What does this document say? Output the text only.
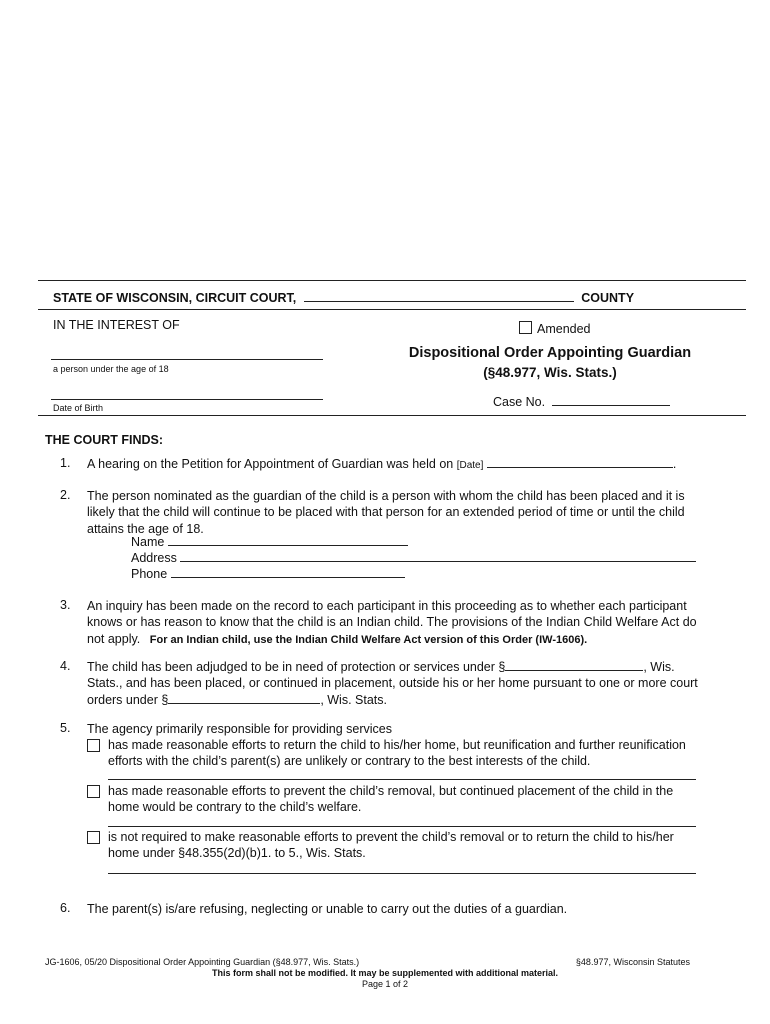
STATE OF WISCONSIN, CIRCUIT COURT,	COUNTY
IN THE INTEREST OF	Amended
a person under the age of 18
Dispositional Order Appointing Guardian
(§48.977, Wis. Stats.)
Date of Birth	Case No.
THE COURT FINDS:
1. A hearing on the Petition for Appointment of Guardian was held on [Date]	.
2. The person nominated as the guardian of the child is a person with whom the child has been placed and it is likely that the child will continue to be placed with that person for an extended period of time or until the child attains the age of 18.
Name
Address
Phone
3. An inquiry has been made on the record to each participant in this proceeding as to whether each participant knows or has reason to know that the child is an Indian child. The provisions of the Indian Child Welfare Act do not apply. For an Indian child, use the Indian Child Welfare Act version of this Order (IW-1606).
4. The child has been adjudged to be in need of protection or services under §	, Wis. Stats., and has been placed, or continued in placement, outside his or her home pursuant to one or more court orders under §	, Wis. Stats.
5. The agency primarily responsible for providing services
has made reasonable efforts to return the child to his/her home, but reunification and further reunification efforts with the child’s parent(s) are unlikely or contrary to the best interests of the child.
has made reasonable efforts to prevent the child’s removal, but continued placement of the child in the home would be contrary to the child’s welfare.
is not required to make reasonable efforts to prevent the child’s removal or to return the child to his/her home under §48.355(2d)(b)1. to 5., Wis. Stats.
6. The parent(s) is/are refusing, neglecting or unable to carry out the duties of a guardian.
JG-1606, 05/20 Dispositional Order Appointing Guardian (§48.977, Wis. Stats.)	§48.977, Wisconsin Statutes
This form shall not be modified. It may be supplemented with additional material.
Page 1 of 2
